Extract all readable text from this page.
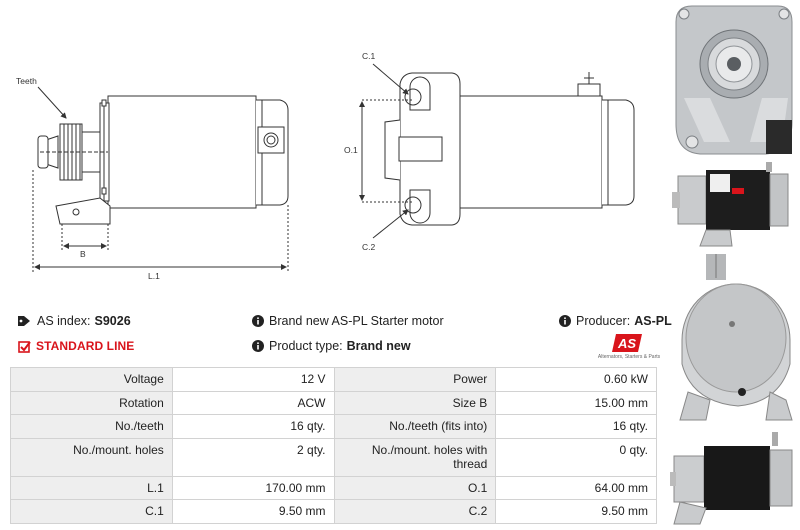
Teeth
B
L.1
C.1
O.1
C.2
AS index: S9026
STANDARD LINE
Brand new AS-PL Starter motor
Product type: Brand new
Producer: AS-PL
AS
Alternators, Starters & Parts
Voltage	12 V	Power	0.60 kW
Rotation	ACW	Size B	15.00 mm
No./teeth	16 qty.	No./teeth (fits into)	16 qty.
No./mount. holes	2 qty.	No./mount. holes with thread	0 qty.
L.1	170.00 mm	O.1	64.00 mm
C.1	9.50 mm	C.2	9.50 mm
